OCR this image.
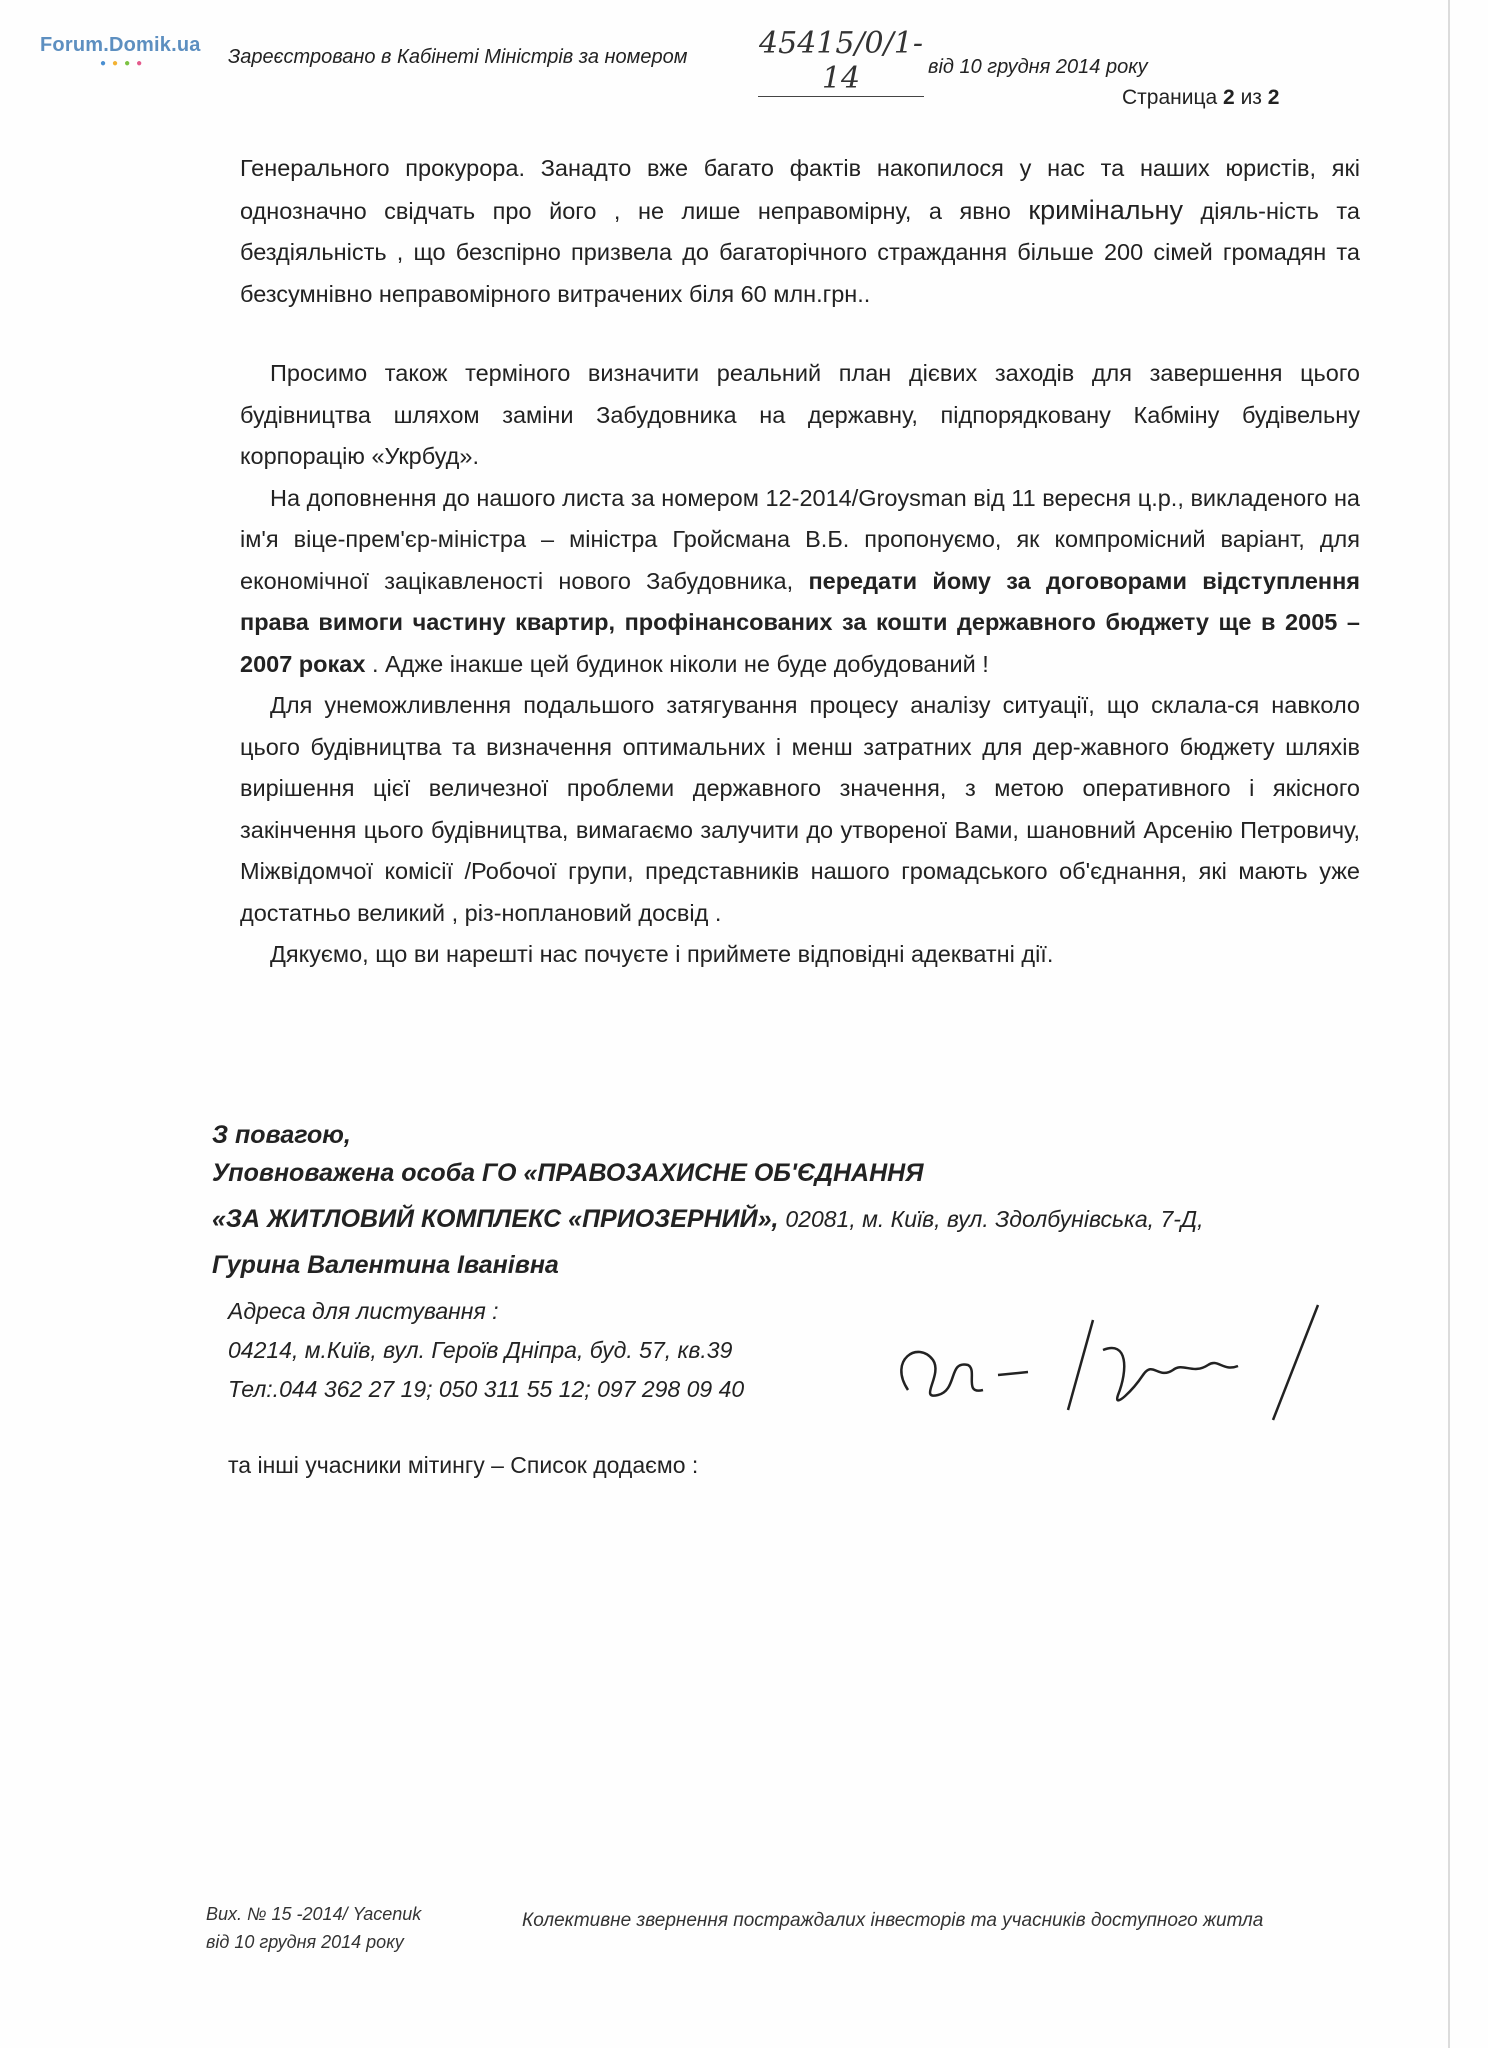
Forum.Domik.ua
●●●●	Зареєстровано в Кабінеті Міністрів за номером 45415/0/1-14	від 10 грудня 2014 року
Страница 2 из 2

Генерального прокурора. Занадто вже багато фактів накопилося у нас та наших юристів, які однозначно свідчать про його , не лише неправомірну, а явно кримінальну діяль-ність та бездіяльність , що безспірно призвела до багаторічного страждання більше 200 сімей громадян та безсумнівно неправомірного витрачених біля 60 млн.грн..

Просимо також терміного визначити реальний план дієвих заходів для завершення цього будівництва шляхом заміни Забудовника на державну, підпорядковану Кабміну будівельну корпорацію «Укрбуд».

На доповнення до нашого листа за номером 12-2014/Groysman від 11 вересня ц.р., викладеного на ім'я віце-прем'єр-міністра – міністра Гройсмана В.Б. пропонуємо, як компромісний варіант, для економічної зацікавленості нового Забудовника, передати йому за договорами відступлення права вимоги частину квартир, профінансованих за кошти державного бюджету ще в 2005 – 2007 роках . Адже інакше цей будинок ніколи не буде добудований !

Для унеможливлення подальшого затягування процесу аналізу ситуації, що склала-ся навколо цього будівництва та визначення оптимальних і менш затратних для дер-жавного бюджету шляхів вирішення цієї величезної проблеми державного значення, з метою оперативного і якісного закінчення цього будівництва, вимагаємо залучити до утвореної Вами, шановний Арсенію Петровичу, Міжвідомчої комісії /Робочої групи, представників нашого громадського об'єднання, які мають уже достатньо великий , різ-ноплановий досвід .

Дякуємо, що ви нарешті нас почуєте і приймете відповідні адекватні дії.

З повагою,
Уповноважена особа ГО «ПРАВОЗАХИСНЕ ОБ'ЄДНАННЯ
«ЗА ЖИТЛОВИЙ КОМПЛЕКС «ПРИОЗЕРНИЙ», 02081, м. Київ, вул. Здолбунівська, 7-Д,
Гурина Валентина Іванівна
Адреса для листування :
04214, м.Київ, вул. Героїв Дніпра, буд. 57, кв.39
Тел:.044 362 27 19; 050 311 55 12; 097 298 09 40
та інші учасники мітингу – Список додаємо :
Вих. № 15 -2014/ Yacenuk
від 10 грудня 2014 року
Колективне звернення постраждалих інвесторів та учасників доступного житла
